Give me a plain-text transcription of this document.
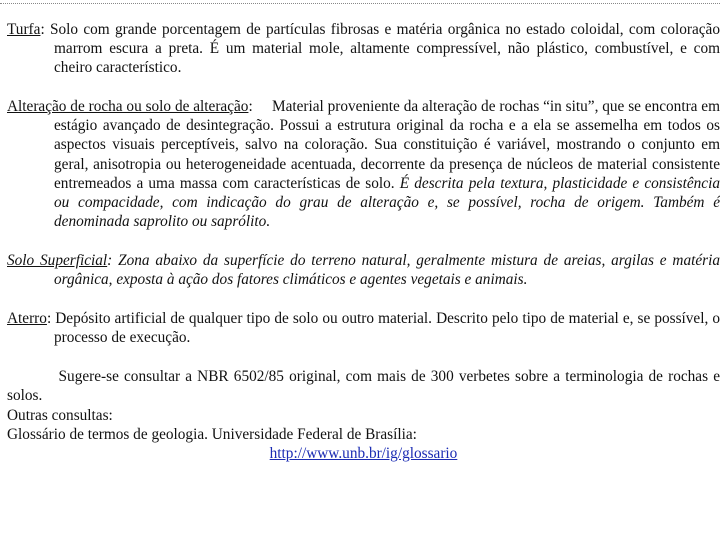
Turfa: Solo com grande porcentagem de partículas fibrosas e matéria orgânica no estado coloidal, com coloração marrom escura a preta. É um material mole, altamente compressível, não plástico, combustível, e com cheiro característico.

Alteração de rocha ou solo de alteração:     Material proveniente da alteração de rochas “in situ”, que se encontra em estágio avançado de desintegração. Possui a estrutura original da rocha e a ela se assemelha em todos os aspectos visuais perceptíveis, salvo na coloração. Sua constituição é variável, mostrando o conjunto em geral, anisotropia ou heterogeneidade acentuada, decorrente da presença de núcleos de material consistente entremeados a uma massa com características de solo. É descrita pela textura, plasticidade e consistência ou compacidade, com indicação do grau de alteração e, se possível, rocha de origem. Também é denominada saprolito ou saprólito.

Solo Superficial: Zona abaixo da superfície do terreno natural, geralmente mistura de areias, argilas e matéria orgânica, exposta à ação dos fatores climáticos e agentes vegetais e animais.

Aterro: Depósito artificial de qualquer tipo de solo ou outro material. Descrito pelo tipo de material e, se possível, o processo de execução.

Sugere-se consultar a NBR 6502/85 original, com mais de 300 verbetes sobre a terminologia de rochas e solos.

Outras consultas:

Glossário de termos de geologia. Universidade Federal de Brasília:

http://www.unb.br/ig/glossario
